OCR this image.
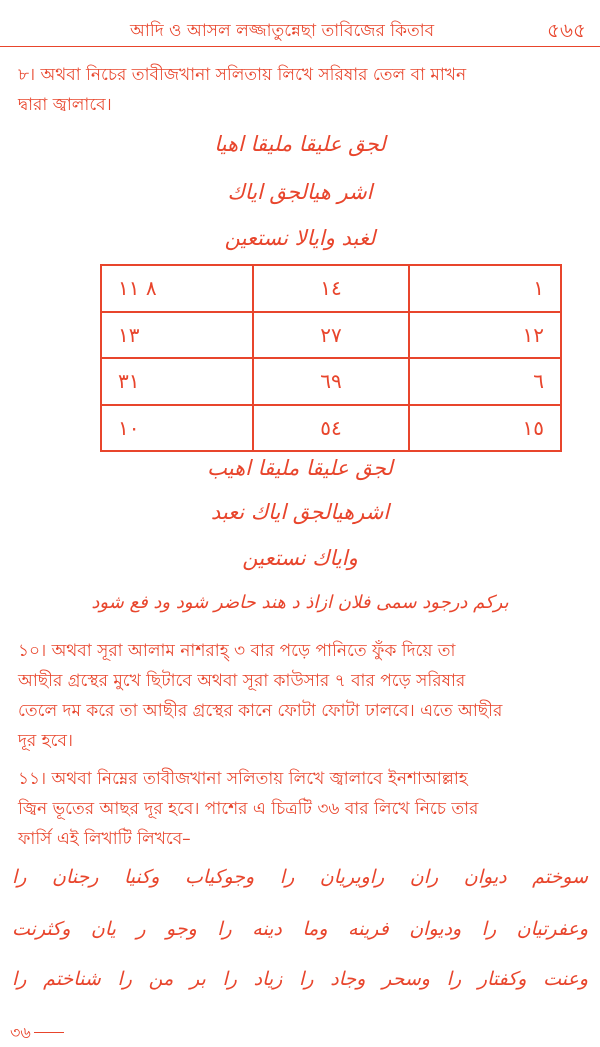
আদি ও আসল লজ্জাতুন্নেছা তাবিজের কিতাব	৫৬৫

৮। অথবা নিচের তাবীজখানা সলিতায় লিখে সরিষার তেল বা মাখন

দ্বারা জ্বালাবে।

لجق عليقا مليقا اهيا

اشر هيالجق اياك

لغبد وايالا نستعين

٨ ١١	١٤	١
١٣	٢٧	١٢
٣١	٦٩	٦
١٠	٥٤	١٥

لجق عليقا مليقا اهيب

اشرهيالجق اياك نعبد

واياك نستعين

بركم درجود سمى فلان ازاذ د هند حاضر شود ود فع شود

১০। অথবা সূরা আলাম নাশরাহ্ ৩ বার পড়ে পানিতে ফুঁক দিয়ে তা

আছীর গ্রস্থের মুখে ছিটাবে অথবা সূরা কাউসার ৭ বার পড়ে সরিষার

তেলে দম করে তা আছীর গ্রস্থের কানে ফোটা ফোটা ঢালবে। এতে আছীর

দূর হবে।

১১। অথবা নিম্নের তাবীজখানা সলিতায় লিখে জ্বালাবে ইনশাআল্লাহ

জ্বিন ভূতের আছর দূর হবে। পাশের এ চিত্রটি ৩৬ বার লিখে নিচে তার

ফার্সি এই লিখাটি লিখবে–

سوختم ديوان ران راويريان را وجوكياب وكنيا رجنان را

وعفرتيان را وديوان فرينه وما دينه را وجو ر يان وكثرنت

وعنت وكفتار را وسحر وجاد را زياد را بر من را شناختم را

৩৬
